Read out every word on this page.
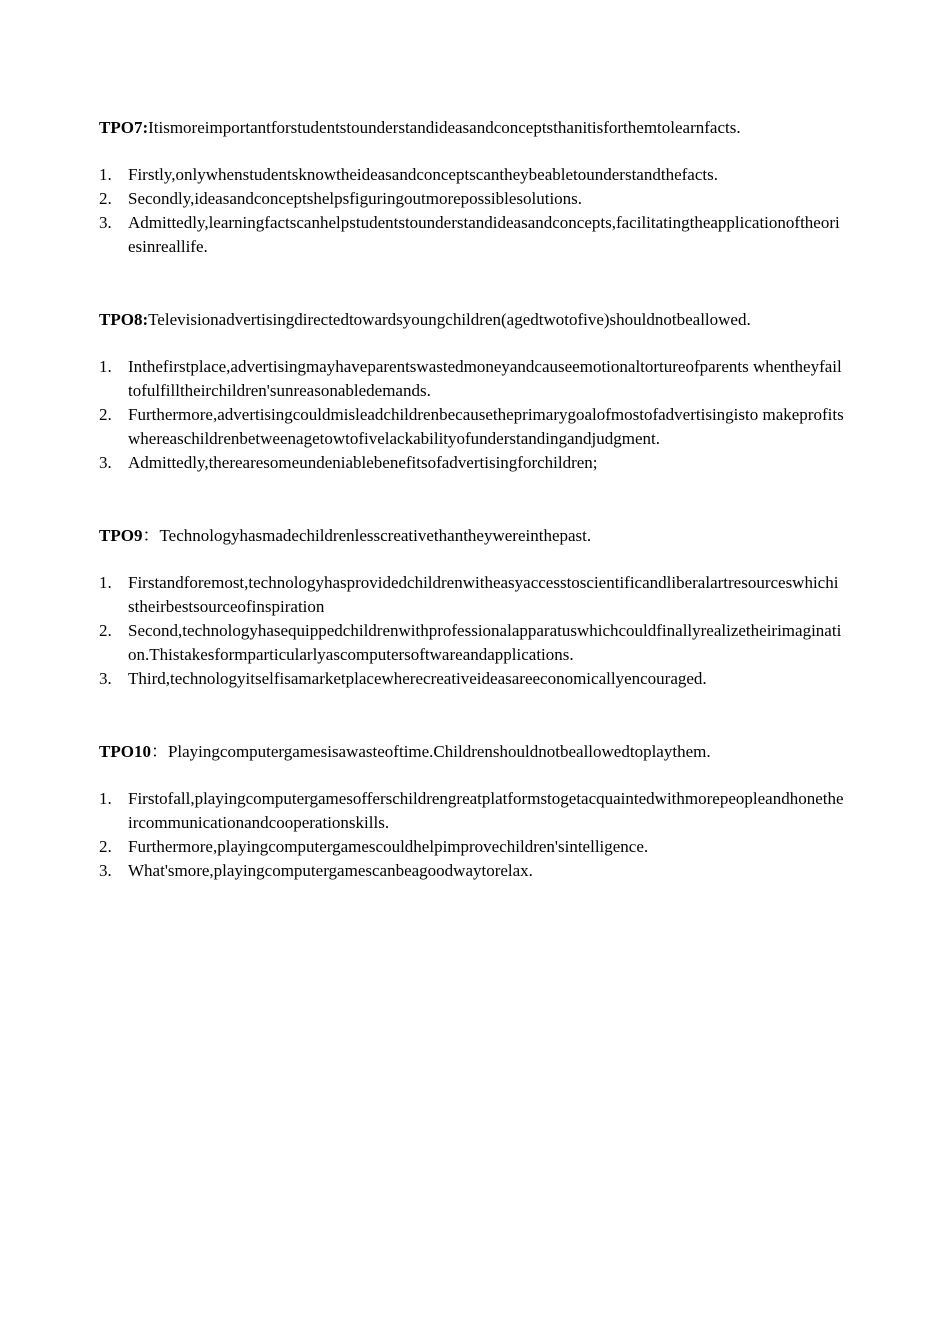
TPO7:Itismoreimportantforstudentstounderstandideasandconceptsthanitisforthemtolearnfacts.

1. Firstly,onlywhenstudentsknowtheideasandconceptscantheybeabletounderstandthefacts.
2. Secondly,ideasandconceptshelpsfiguringoutmorepossiblesolutions.
3. Admittedly,learningfactscanhelpstudentstounderstandideasandconcepts,facilitatingtheapplicationoftheoriesinreallife.

TPO8:Televisionadvertisingdirectedtowardsyoungchildren(agedtwotofive)shouldnotbeallowed.

1. Inthefirstplace,advertisingmayhaveparentswastedmoneyandcauseemotionaltortureofparents whentheyfailtofulfilltheirchildren'sunreasonabledemands.
2. Furthermore,advertisingcouldmisleadchildrenbecausetheprimarygoalofmostofadvertisingisto makeprofitswhereaschildrenbetweenagetowtofivelackabilityofunderstandingandjudgment.
3. Admittedly,therearesomeundeniablebenefitsofadvertisingforchildren;

TPO9：Technologyhasmadechildrenlesscreativethantheywereinthepast.

1. Firstandforemost,technologyhasprovidedchildrenwitheasyaccesstoscientificandliberalartresourceswhichistheirbestsourceofinspiration
2. Second,technologyhasequippedchildrenwithprofessionalapparatuswhichcouldfinallyrealizetheirimagination.Thistakesformparticularlyascomputersoftwareandapplications.
3. Third,technologyitselfisamarketplacewherecreativeideasareeconomicallyencouraged.

TPO10：Playingcomputergamesisawasteoftime.Childrenshouldnotbeallowedtoplaythem.

1. Firstofall,playingcomputergamesofferschildrengreatplatformstogetacquaintedwithmorepeopleandhonetheircommunicationandcooperationskills.
2. Furthermore,playingcomputergamescouldhelpimprovechildren'sintelligence.
3. What'smore,playingcomputergamescanbeagoodwaytorelax.
